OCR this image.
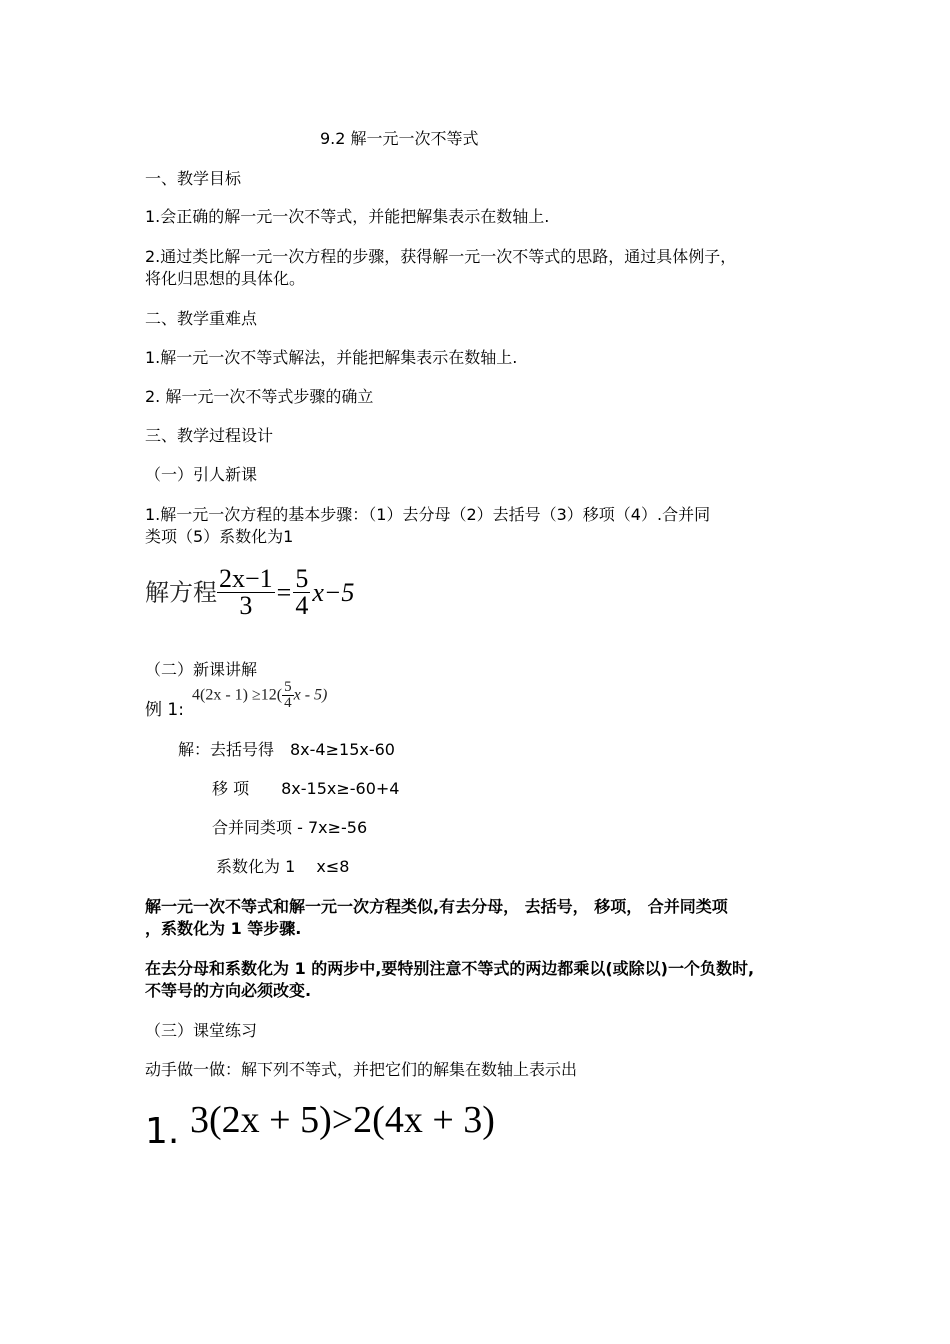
9.2 解一元一次不等式
一、教学目标
1.会正确的解一元一次不等式，并能把解集表示在数轴上.
2.通过类比解一元一次方程的步骤，获得解一元一次不等式的思路，通过具体例子，
将化归思想的具体化。
二、教学重难点
1.解一元一次不等式解法，并能把解集表示在数轴上.
2. 解一元一次不等式步骤的确立
三、教学过程设计
（一）引人新课
1.解一元一次方程的基本步骤：（1）去分母（2）去括号（3）移项（4）.合并同
类项（5）系数化为1
解方程 $\frac{2x-1}{3} = \frac{5}{4} x-5$
（二）新课讲解
例 1:
$4(2x - 1) \ge 12( \frac{5}{4}$ x - 5)
解：去括号得　8x-4≥15x-60
移 项　　8x-15x≥-60+4
合并同类项 - 7x≥-56
系数化为 1　 x≤8
解一元一次不等式和解一元一次方程类似,有去分母， 去括号， 移项， 合并同类项
，系数化为 1 等步骤.
在去分母和系数化为 1 的两步中,要特别注意不等式的两边都乘以(或除以)一个负数时,
不等号的方向必须改变.
（三）课堂练习
动手做一做：解下列不等式，并把它们的解集在数轴上表示出
1. 3(2x + 5)>2(4x + 3)
